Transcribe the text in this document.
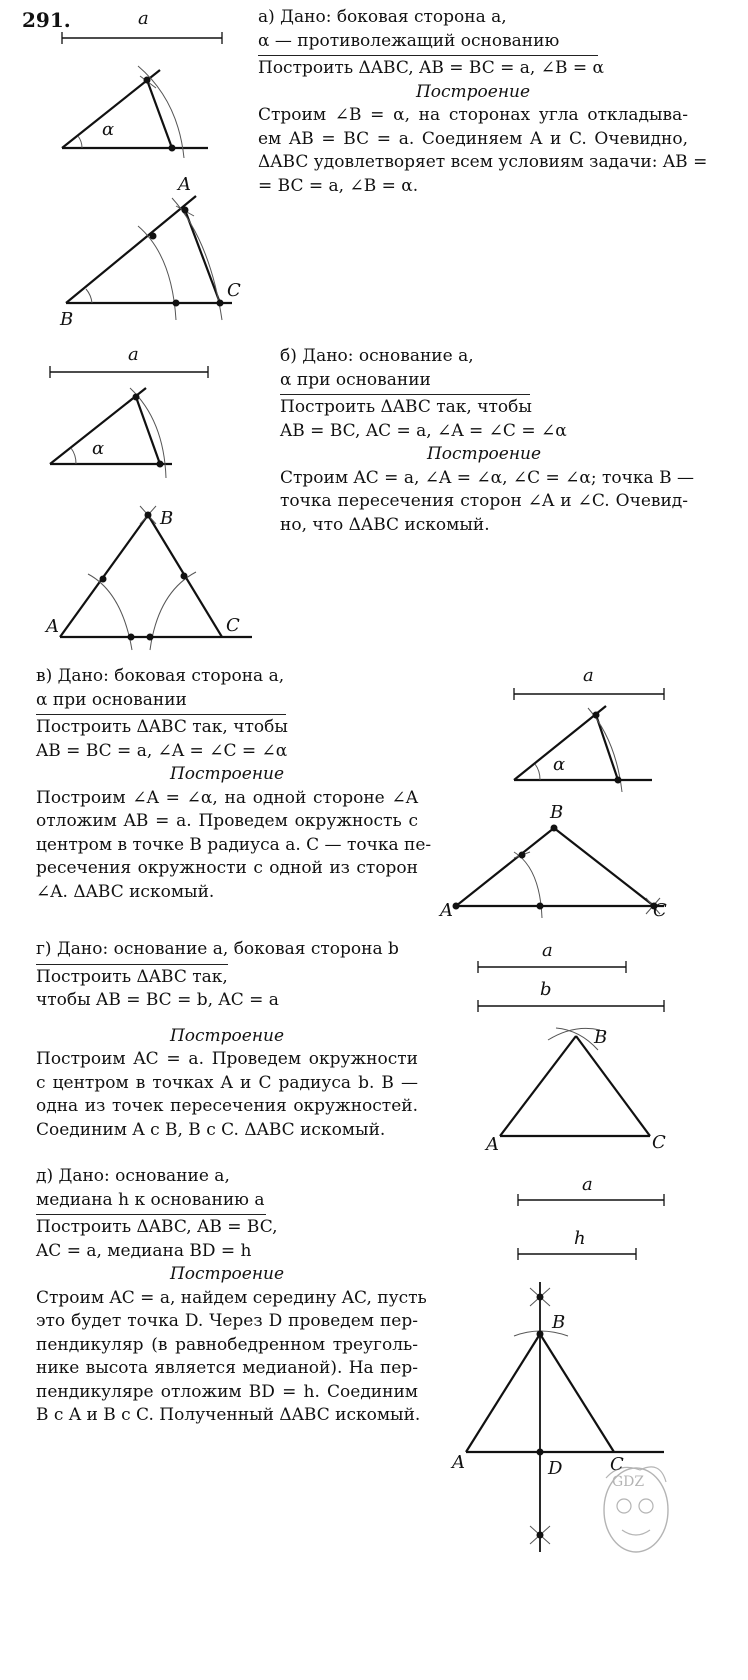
291.	а) Дано: боковая сторона a,
α — противолежащий основанию
Построить ΔABC, AB = BC = a, ∠B = α
Построение
Строим ∠B = α, на сторонах угла откладыва-
ем AB = BC = a. Соединяем A и C. Очевидно,
ΔABC удовлетворяет всем условиям задачи: AB =
= BC = a, ∠B = α.
б) Дано: основание a,
α при основании
Построить ΔABC так, чтобы
AB = BC, AC = a, ∠A = ∠C = ∠α
Построение
Строим AC = a, ∠A = ∠α, ∠C = ∠α; точка B —
точка пересечения сторон ∠A и ∠C. Очевид-
но, что ΔABC искомый.
в) Дано: боковая сторона a,
α при основании
Построить ΔABC так, чтобы
AB = BC = a, ∠A = ∠C = ∠α
Построение
Построим ∠A = ∠α, на одной стороне ∠A
отложим AB = a. Проведем окружность с
центром в точке B радиуса a. C — точка пе-
ресечения окружности с одной из сторон
∠A. ΔABC искомый.
г) Дано: основание a, боковая сторона b
Построить ΔABC так,
чтобы AB = BC = b, AC = a
Построение
Построим AC = a. Проведем окружности
с центром в точках A и C радиуса b. B —
одна из точек пересечения окружностей.
Соединим A с B, B с C. ΔABC искомый.
д) Дано: основание a,
медиана h к основанию a
Построить ΔABC, AB = BC,
AC = a, медиана BD = h
Построение
Строим AC = a, найдем середину AC, пусть
это будет точка D. Через D проведем пер-
пендикуляр (в равнобедренном треуголь-
нике высота является медианой). На пер-
пендикуляре отложим BD = h. Соединим
B с A и B с C. Полученный ΔABC искомый.
a
α
A
B
C
a
α
B
A	C
a
α
B
A	C
a
b
B
A	C
a
h
B
A	C
D
GDZ
